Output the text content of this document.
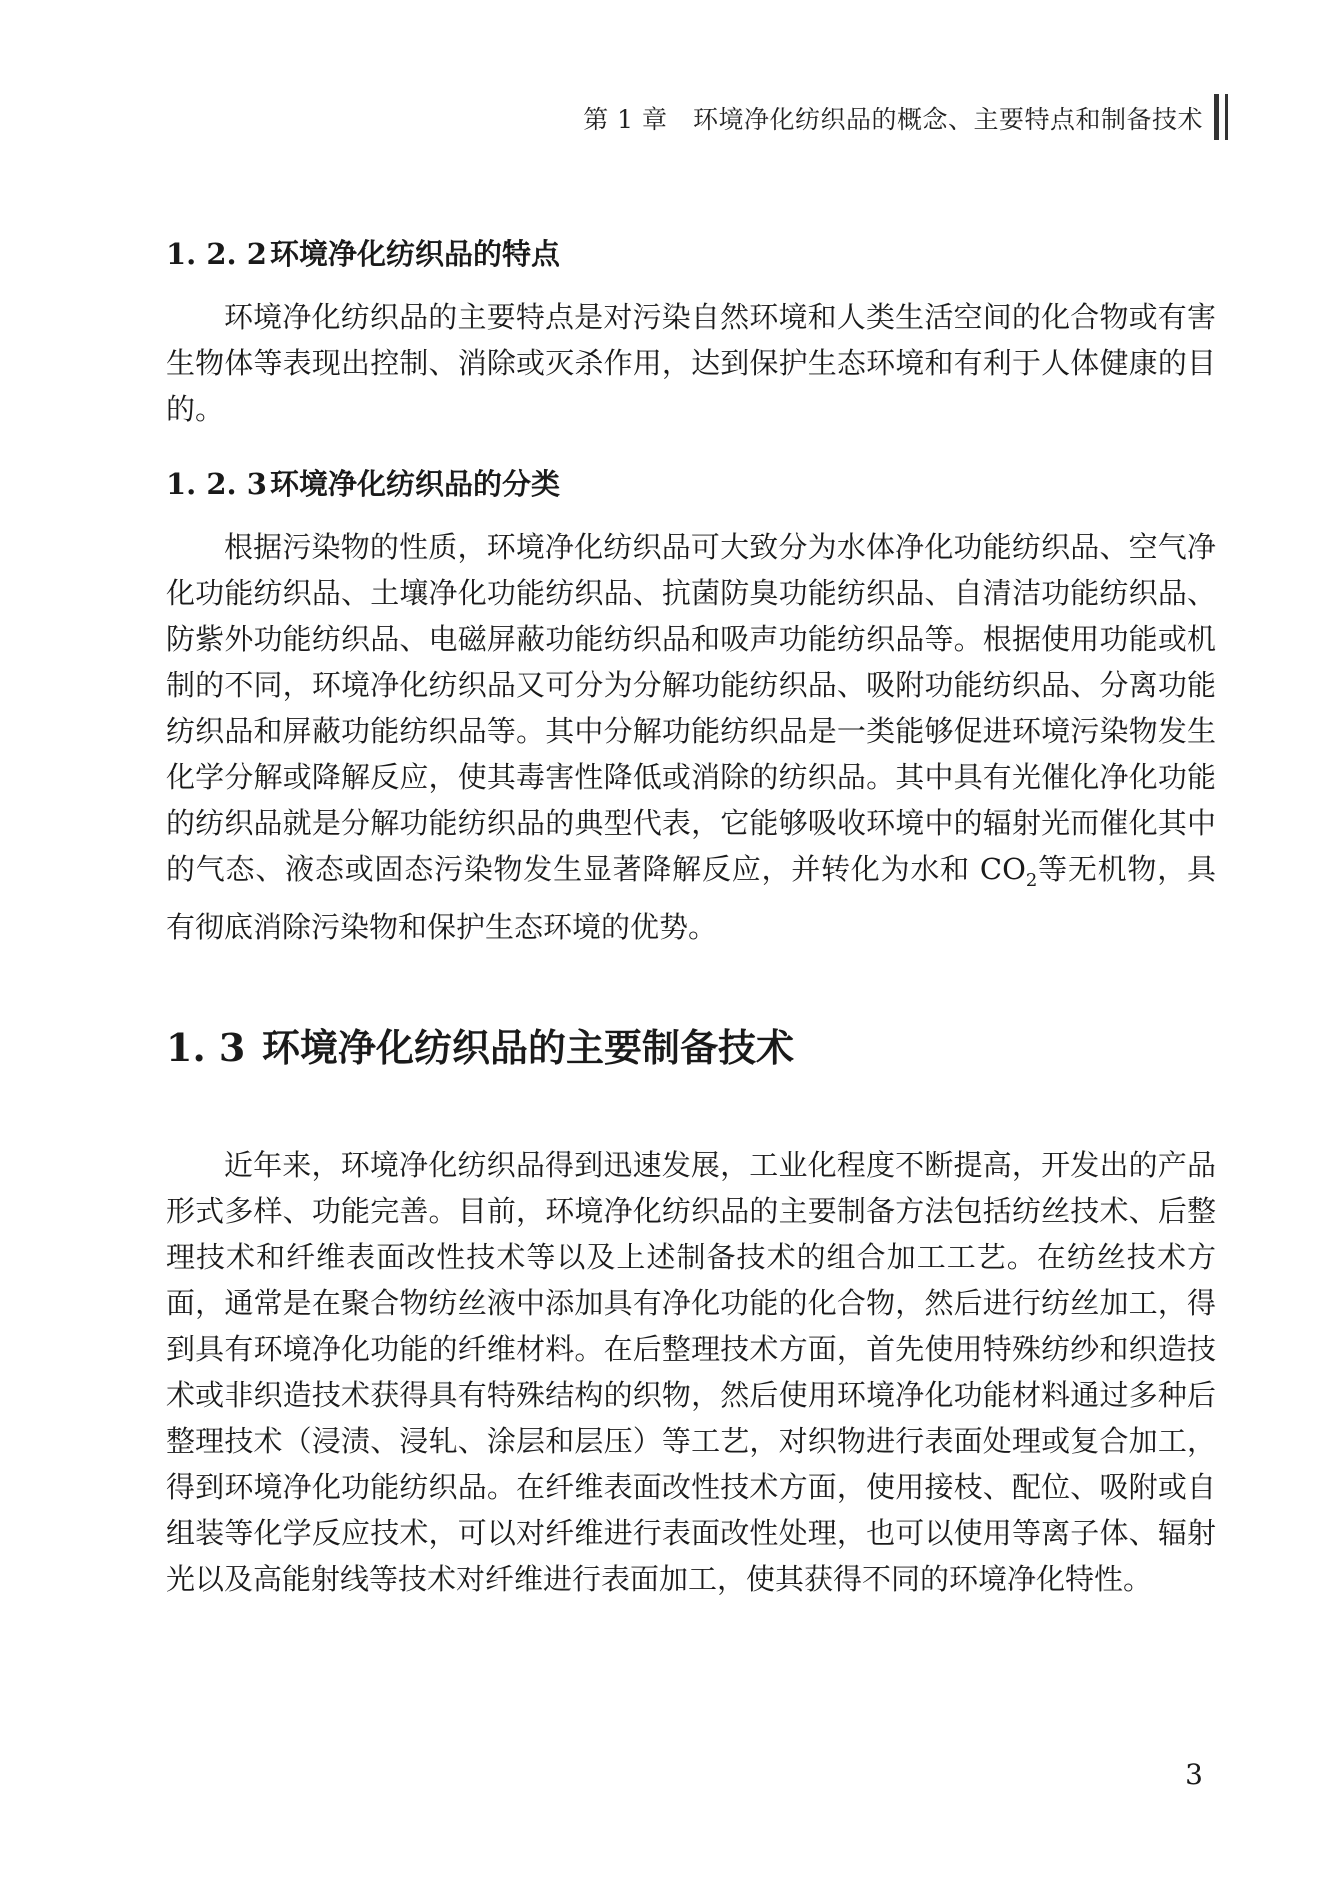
第 1 章　环境净化纺织品的概念、主要特点和制备技术
1. 2. 2 环境净化纺织品的特点

环境净化纺织品的主要特点是对污染自然环境和人类生活空间的化合物或有害生物体等表现出控制、消除或灭杀作用，达到保护生态环境和有利于人体健康的目的。

1. 2. 3 环境净化纺织品的分类

根据污染物的性质，环境净化纺织品可大致分为水体净化功能纺织品、空气净化功能纺织品、土壤净化功能纺织品、抗菌防臭功能纺织品、自清洁功能纺织品、防紫外功能纺织品、电磁屏蔽功能纺织品和吸声功能纺织品等。根据使用功能或机制的不同，环境净化纺织品又可分为分解功能纺织品、吸附功能纺织品、分离功能纺织品和屏蔽功能纺织品等。其中分解功能纺织品是一类能够促进环境污染物发生化学分解或降解反应，使其毒害性降低或消除的纺织品。其中具有光催化净化功能的纺织品就是分解功能纺织品的典型代表，它能够吸收环境中的辐射光而催化其中的气态、液态或固态污染物发生显著降解反应，并转化为水和 $CO_2$等无机物，具有彻底消除污染物和保护生态环境的优势。

1. 3 环境净化纺织品的主要制备技术

近年来，环境净化纺织品得到迅速发展，工业化程度不断提高，开发出的产品形式多样、功能完善。目前，环境净化纺织品的主要制备方法包括纺丝技术、后整理技术和纤维表面改性技术等以及上述制备技术的组合加工工艺。在纺丝技术方面，通常是在聚合物纺丝液中添加具有净化功能的化合物，然后进行纺丝加工，得到具有环境净化功能的纤维材料。在后整理技术方面，首先使用特殊纺纱和织造技术或非织造技术获得具有特殊结构的织物，然后使用环境净化功能材料通过多种后整理技术（浸渍、浸轧、涂层和层压）等工艺，对织物进行表面处理或复合加工，得到环境净化功能纺织品。在纤维表面改性技术方面，使用接枝、配位、吸附或自组装等化学反应技术，可以对纤维进行表面改性处理，也可以使用等离子体、辐射光以及高能射线等技术对纤维进行表面加工，使其获得不同的环境净化特性。

3
